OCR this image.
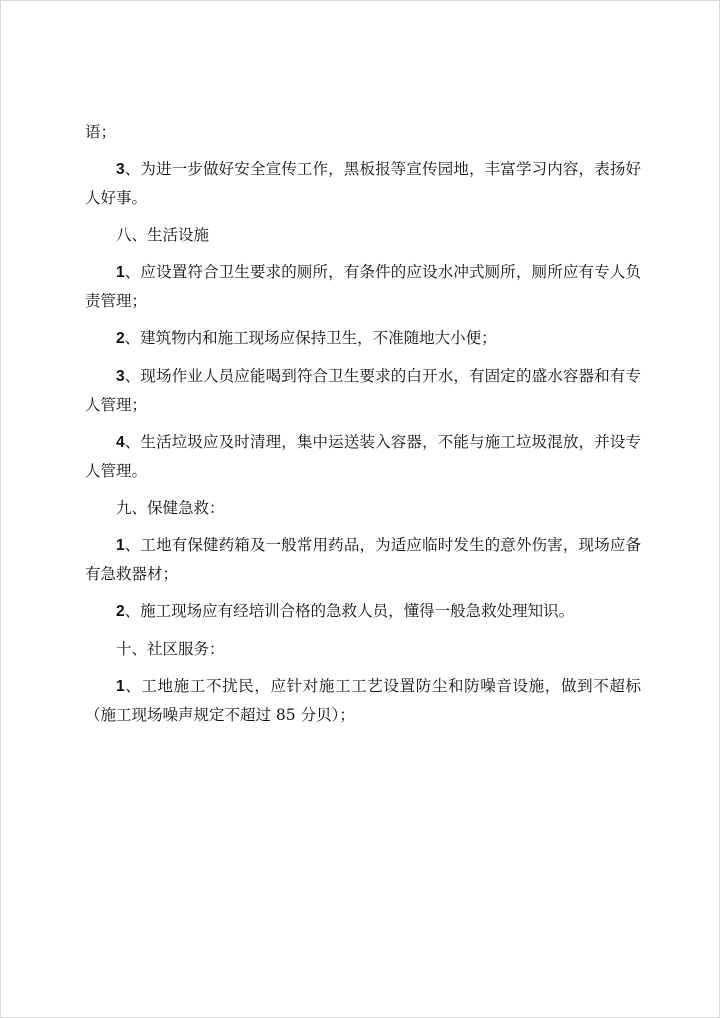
语；

3、为进一步做好安全宣传工作，黑板报等宣传园地，丰富学习内容，表扬好人好事。

八、生活设施

1、应设置符合卫生要求的厕所，有条件的应设水冲式厕所，厕所应有专人负责管理；

2、建筑物内和施工现场应保持卫生，不准随地大小便；

3、现场作业人员应能喝到符合卫生要求的白开水，有固定的盛水容器和有专人管理；

4、生活垃圾应及时清理，集中运送装入容器，不能与施工垃圾混放，并设专人管理。

九、保健急救：

1、工地有保健药箱及一般常用药品，为适应临时发生的意外伤害，现场应备有急救器材；

2、施工现场应有经培训合格的急救人员，懂得一般急救处理知识。

十、社区服务：

1、工地施工不扰民，应针对施工工艺设置防尘和防噪音设施，做到不超标（施工现场噪声规定不超过 85 分贝）；
